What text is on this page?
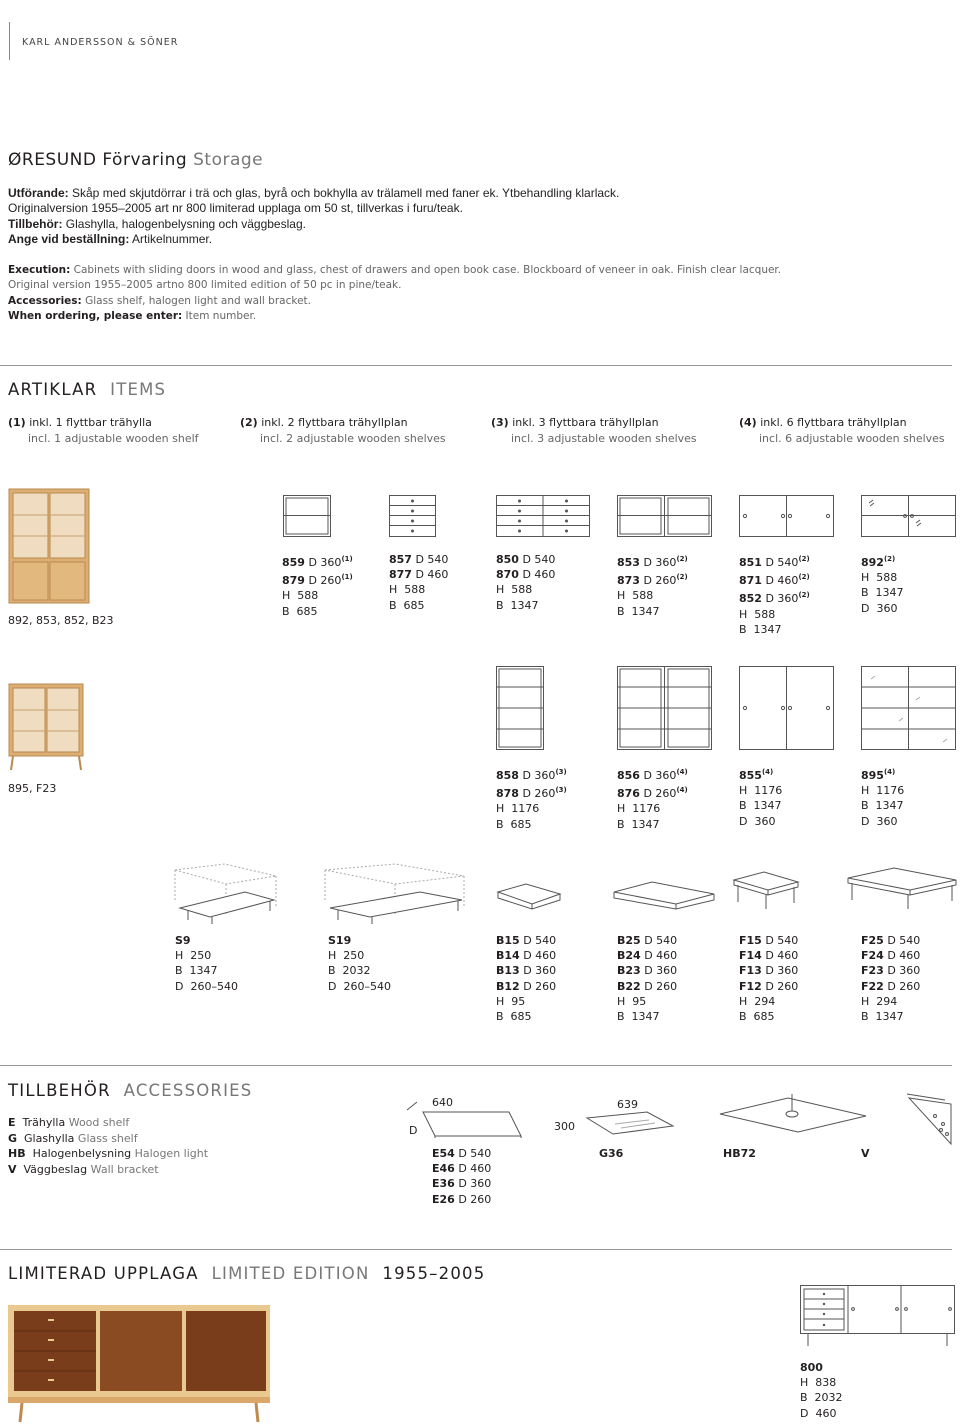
KARL ANDERSSON & SÖNER
ØRESUND Förvaring Storage
Utförande: Skåp med skjutdörrar i trä och glas, byrå och bokhylla av trälamell med faner ek. Ytbehandling klarlack.
Originalversion 1955–2005 art nr 800 limiterad upplaga om 50 st, tillverkas i furu/teak.
Tillbehör: Glashylla, halogenbelysning och väggbeslag.
Ange vid beställning: Artikelnummer.
Execution: Cabinets with sliding doors in wood and glass, chest of drawers and open book case. Blockboard of veneer in oak. Finish clear lacquer.
Original version 1955–2005 artno 800 limited edition of 50 pc in pine/teak.
Accessories: Glass shelf, halogen light and wall bracket.
When ordering, please enter: Item number.
ARTIKLAR ITEMS
(1) inkl. 1 flyttbar trähylla
incl. 1 adjustable wooden shelf
(2) inkl. 2 flyttbara trähyllplan
incl. 2 adjustable wooden shelves
(3) inkl. 3 flyttbara trähyllplan
incl. 3 adjustable wooden shelves
(4) inkl. 6 flyttbara trähyllplan
incl. 6 adjustable wooden shelves
892, 853, 852, B23
859 D 360$^{(1)}$
879 D 260$^{(1)}$
H  588
B  685
857 D 540
877 D 460
H  588
B  685
850 D 540
870 D 460
H  588
B  1347
853 D 360$^{(2)}$
873 D 260$^{(2)}$
H  588
B  1347
851 D 540$^{(2)}$
871 D 460$^{(2)}$
852 D 360$^{(2)}$
H  588
B  1347
892$^{(2)}$
H  588
B  1347
D  360
895, F23
858 D 360$^{(3)}$
878 D 260$^{(3)}$
H  1176
B  685
856 D 360$^{(4)}$
876 D 260$^{(4)}$
H  1176
B  1347
855$^{(4)}$
H  1176
B  1347
D  360
895$^{(4)}$
H  1176
B  1347
D  360
S9
H  250
B  1347
D  260–540
S19
H  250
B  2032
D  260–540
B15 D 540
B14 D 460
B13 D 360
B12 D 260
H  95
B  685
B25 D 540
B24 D 460
B23 D 360
B22 D 260
H  95
B  1347
F15 D 540
F14 D 460
F13 D 360
F12 D 260
H  294
B  685
F25 D 540
F24 D 460
F23 D 360
F22 D 260
H  294
B  1347
TILLBEHÖR ACCESSORIES
E Trähylla Wood shelf
G Glashylla Glass shelf
HB Halogenbelysning Halogen light
V Väggbeslag Wall bracket
640
D
E54 D 540
E46 D 460
E36 D 360
E26 D 260
639
300
G36	HB72	V
LIMITERAD UPPLAGA LIMITED EDITION 1955–2005
800
H  838
B  2032
D  460
